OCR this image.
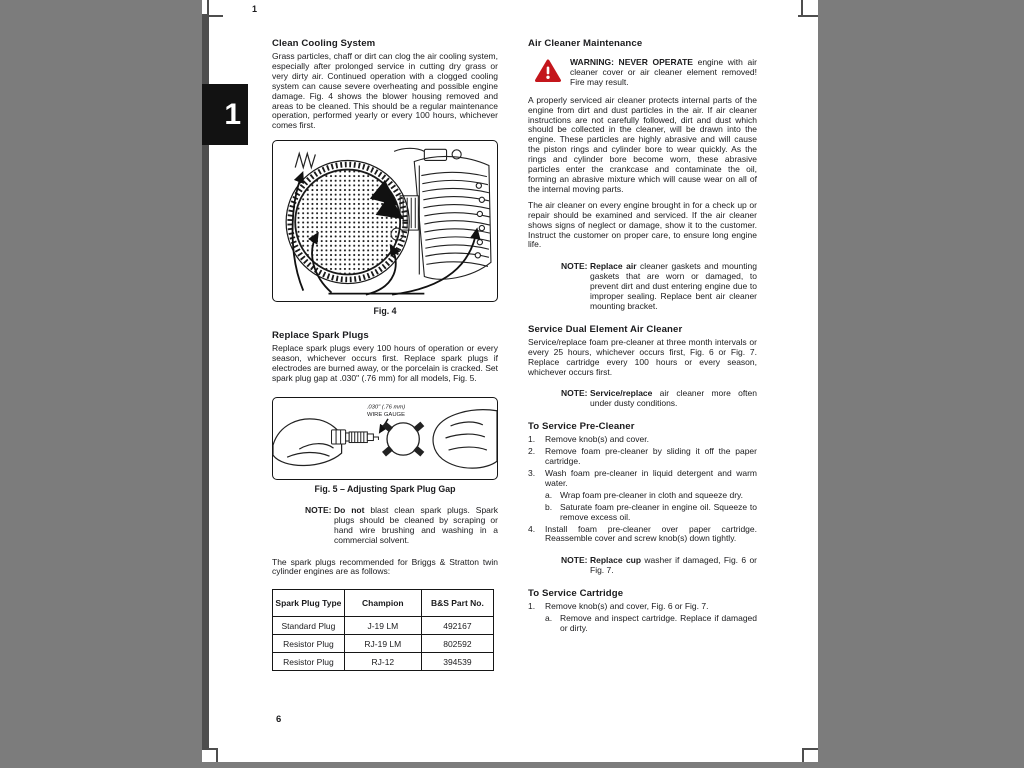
1
1
6
Clean Cooling System

Grass particles, chaff or dirt can clog the air cooling system, especially after prolonged service in cutting dry grass or very dirty air. Continued operation with a clogged cooling system can cause severe overheating and possible engine damage. Fig. 4 shows the blower housing removed and areas to be cleaned. This should be a regular maintenance operation, performed yearly or every 100 hours, whichever comes first.

Fig. 4
Replace Spark Plugs

Replace spark plugs every 100 hours of operation or every season, whichever occurs first. Replace spark plugs if electrodes are burned away, or the porcelain is cracked. Set spark plug gap at .030" (.76 mm) for all models, Fig. 5.

.030" (.76 mm)
WIRE GAUGE
Fig. 5 – Adjusting Spark Plug Gap
NOTE: Do not blast clean spark plugs. Spark plugs should be cleaned by scraping or hand wire brushing and washing in a commercial solvent.

The spark plugs recommended for Briggs & Stratton twin cylinder engines are as follows:

Spark Plug Type	Champion	B&S Part No.
Standard Plug	J-19 LM	492167
Resistor Plug	RJ-19 LM	802592
Resistor Plug	RJ-12	394539
Air Cleaner Maintenance
WARNING: NEVER OPERATE engine with air cleaner cover or air cleaner element removed! Fire may result.

A properly serviced air cleaner protects internal parts of the engine from dirt and dust particles in the air. If air cleaner instructions are not carefully followed, dirt and dust which should be collected in the cleaner, will be drawn into the engine. These particles are highly abrasive and will cause the piston rings and cylinder bore to wear quickly. As the rings and cylinder bore become worn, these abrasive particles enter the crankcase and contaminate the oil, forming an abrasive mixture which will cause wear on all of the internal moving parts.

The air cleaner on every engine brought in for a check up or repair should be examined and serviced. If the air cleaner shows signs of neglect or damage, show it to the customer. Instruct the customer on proper care, to ensure long engine life.

NOTE: Replace air cleaner gaskets and mounting gaskets that are worn or damaged, to prevent dirt and dust entering engine due to improper sealing. Replace bent air cleaner mounting bracket.
Service Dual Element Air Cleaner

Service/replace foam pre-cleaner at three month intervals or every 25 hours, whichever occurs first, Fig. 6 or Fig. 7. Replace cartridge every 100 hours or every season, whichever occurs first.

NOTE: Service/replace air cleaner more often under dusty conditions.
To Service Pre-Cleaner
1.	Remove knob(s) and cover.
2.	Remove foam pre-cleaner by sliding it off the paper cartridge.
3.	Wash foam pre-cleaner in liquid detergent and warm water.
a. Wrap foam pre-cleaner in cloth and squeeze dry.
b. Saturate foam pre-cleaner in engine oil. Squeeze to remove excess oil.
4.	Install foam pre-cleaner over paper cartridge. Reassemble cover and screw knob(s) down tightly.
NOTE: Replace cup washer if damaged, Fig. 6 or Fig. 7.
To Service Cartridge
1.	Remove knob(s) and cover, Fig. 6 or Fig. 7.
a. Remove and inspect cartridge. Replace if damaged or dirty.
